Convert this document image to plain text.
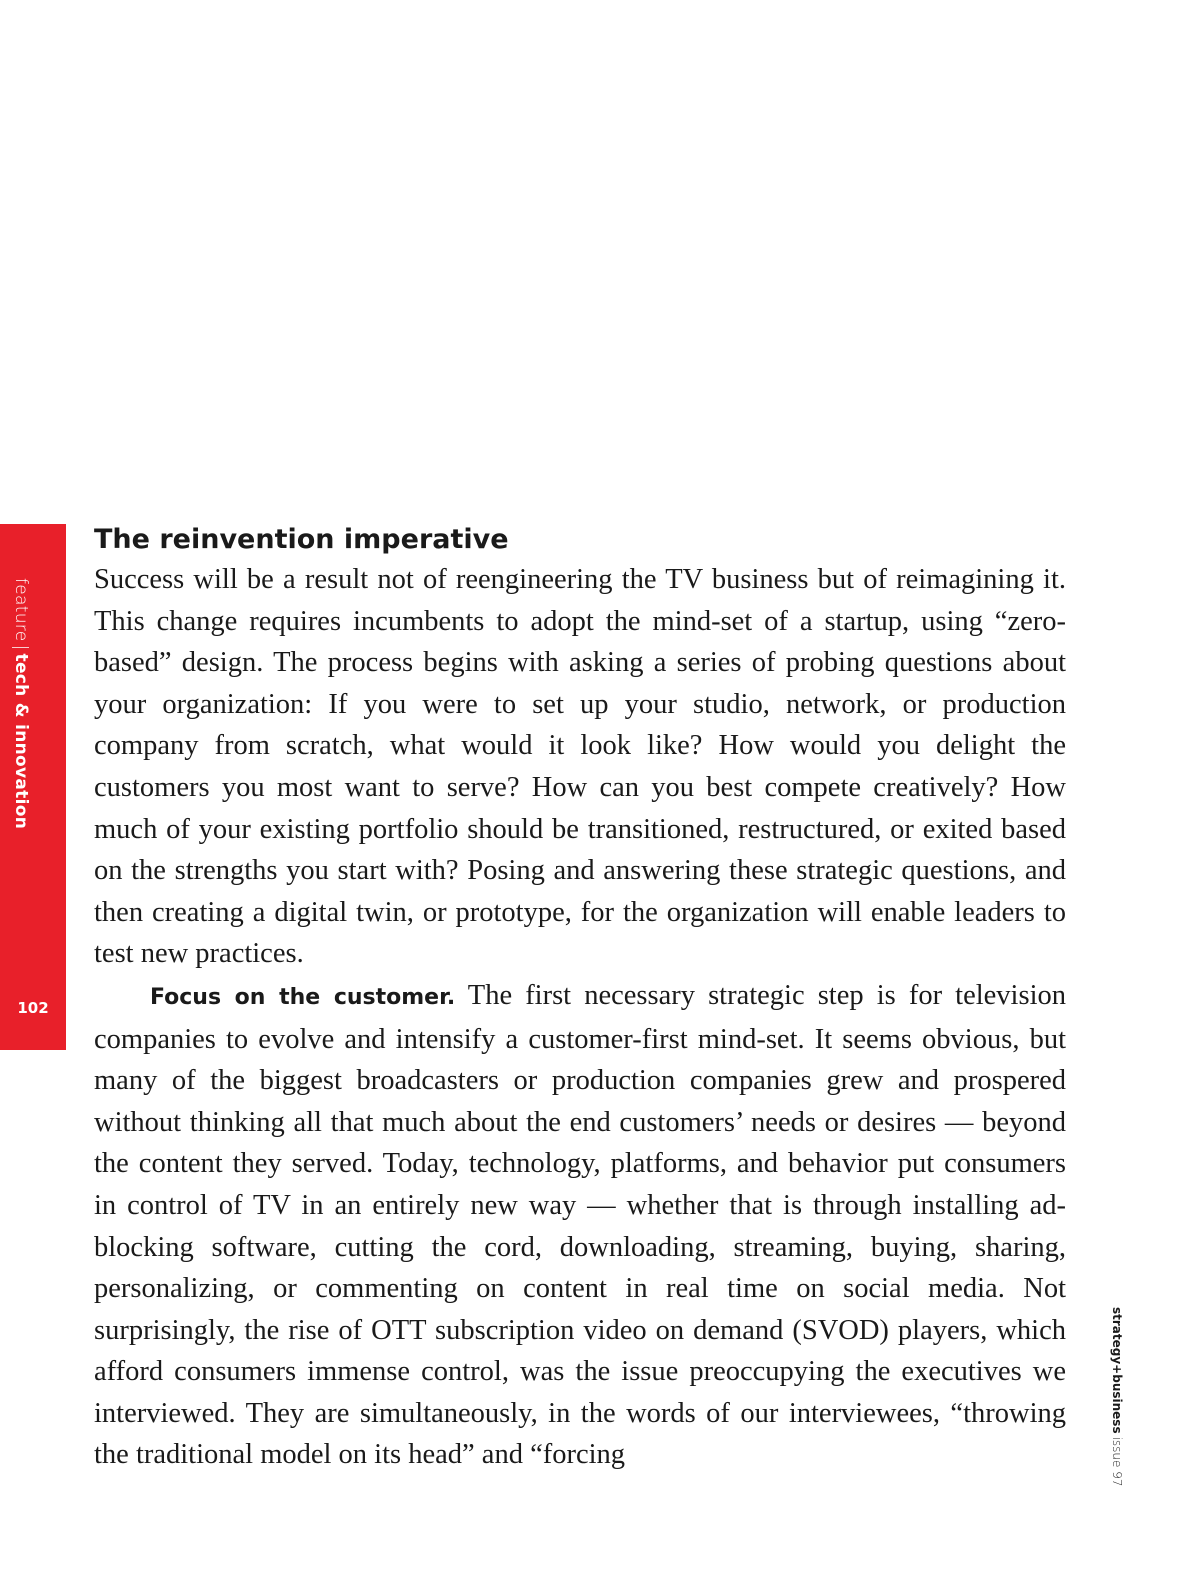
feature|tech & innovation
102
The reinvention imperative

Success will be a result not of reengineering the TV business but of reimagining it. This change requires incumbents to adopt the mind-set of a startup, using “zero-based” design. The process begins with asking a series of probing questions about your organization: If you were to set up your studio, network, or production company from scratch, what would it look like? How would you delight the customers you most want to serve? How can you best compete creatively? How much of your existing portfolio should be transitioned, restructured, or exited based on the strengths you start with? Posing and answering these strategic questions, and then creating a digital twin, or prototype, for the organization will enable leaders to test new practices.

Focus on the customer. The first necessary strategic step is for television companies to evolve and intensify a customer-first mind-set. It seems obvious, but many of the biggest broadcasters or production companies grew and prospered without thinking all that much about the end customers’ needs or desires — beyond the content they served. Today, technology, platforms, and behavior put consumers in control of TV in an entirely new way — whether that is through installing ad-blocking software, cutting the cord, downloading, streaming, buying, sharing, personalizing, or commenting on content in real time on social media. Not surprisingly, the rise of OTT subscription video on demand (SVOD) players, which afford consumers immense control, was the issue preoccupying the executives we interviewed. They are simultaneously, in the words of our interviewees, “throwing the traditional model on its head” and “forcing

strategy+businessissue 97
